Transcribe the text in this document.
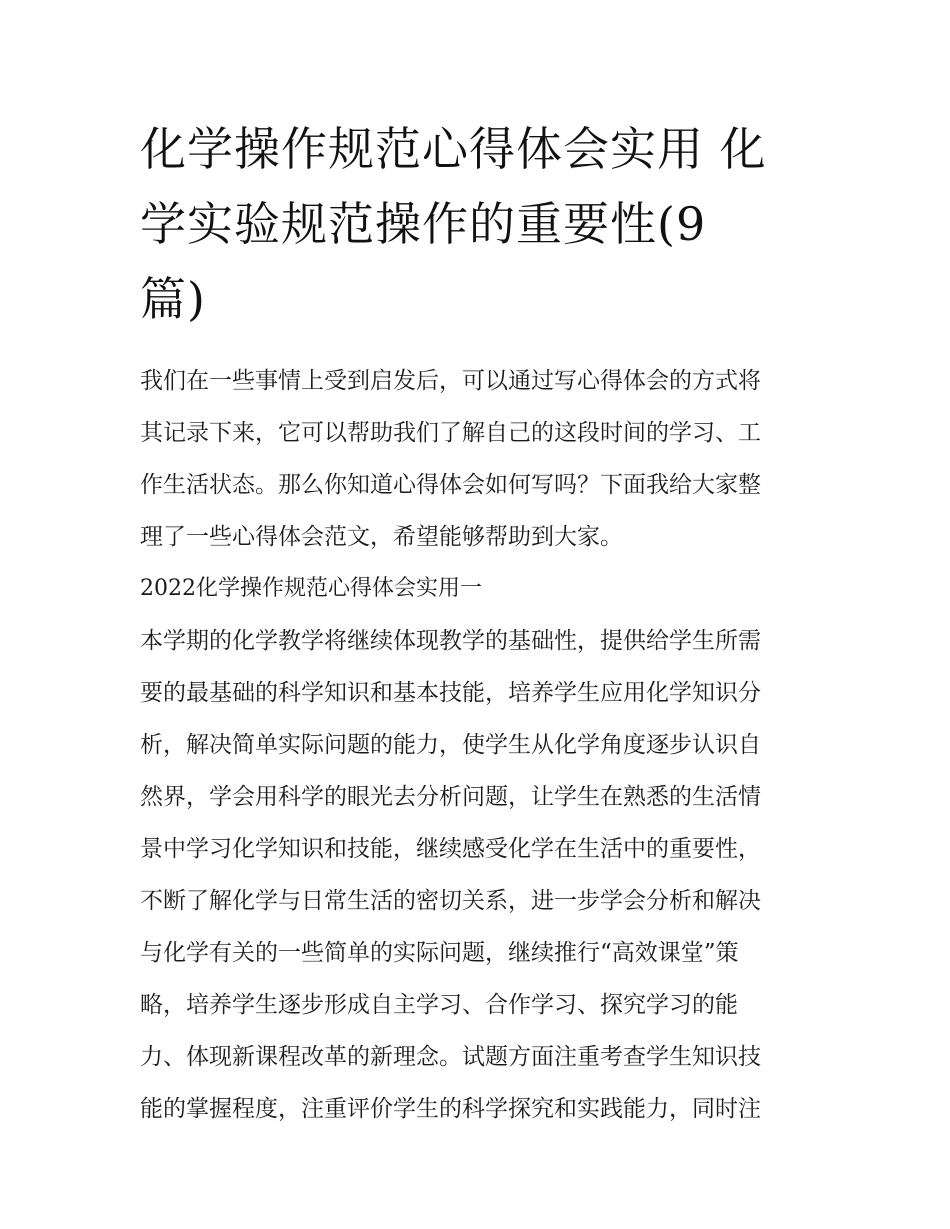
化学操作规范心得体会实用 化
学实验规范操作的重要性(9
篇)
我们在一些事情上受到启发后，可以通过写心得体会的方式将
其记录下来，它可以帮助我们了解自己的这段时间的学习、工
作生活状态。那么你知道心得体会如何写吗？下面我给大家整
理了一些心得体会范文，希望能够帮助到大家。
2022化学操作规范心得体会实用一
本学期的化学教学将继续体现教学的基础性，提供给学生所需
要的最基础的科学知识和基本技能，培养学生应用化学知识分
析，解决简单实际问题的能力，使学生从化学角度逐步认识自
然界，学会用科学的眼光去分析问题，让学生在熟悉的生活情
景中学习化学知识和技能，继续感受化学在生活中的重要性，
不断了解化学与日常生活的密切关系，进一步学会分析和解决
与化学有关的一些简单的实际问题，继续推行“高效课堂”策
略，培养学生逐步形成自主学习、合作学习、探究学习的能
力、体现新课程改革的新理念。试题方面注重考查学生知识技
能的掌握程度，注重评价学生的科学探究和实践能力，同时注
